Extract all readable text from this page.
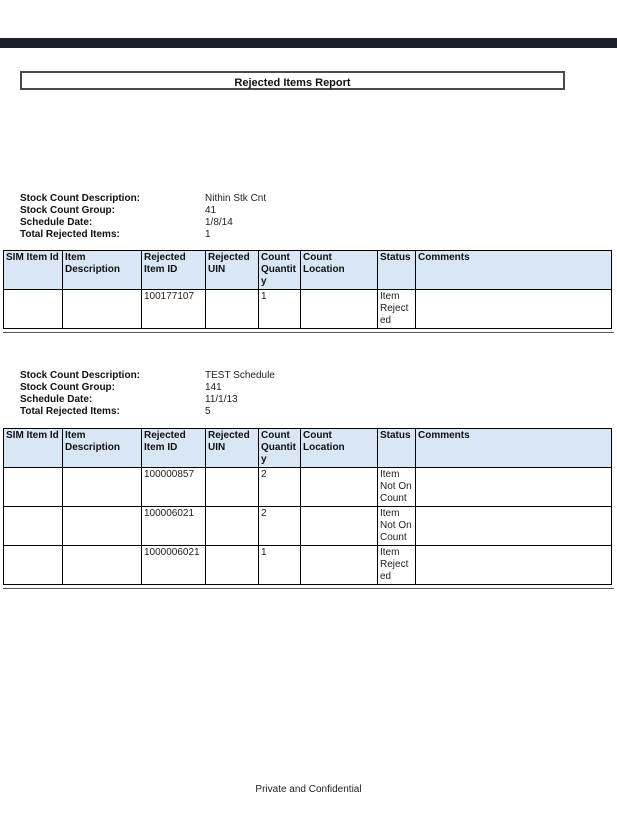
Rejected Items Report
Stock Count Description:	Nithin Stk Cnt
Stock Count Group:	41
Schedule Date:	1/8/14
Total Rejected Items:	1
SIM Item Id	Item Description	Rejected Item ID	Rejected UIN	Count Quantity	Count Location	Status	Comments
		100177107		1		Item Rejected	
Stock Count Description:	TEST Schedule
Stock Count Group:	141
Schedule Date:	11/1/13
Total Rejected Items:	5
SIM Item Id	Item Description	Rejected Item ID	Rejected UIN	Count Quantity	Count Location	Status	Comments
		100000857		2		Item Not On Count	
		100006021		2		Item Not On Count	
		1000006021		1		Item Rejected	
Private and Confidential
